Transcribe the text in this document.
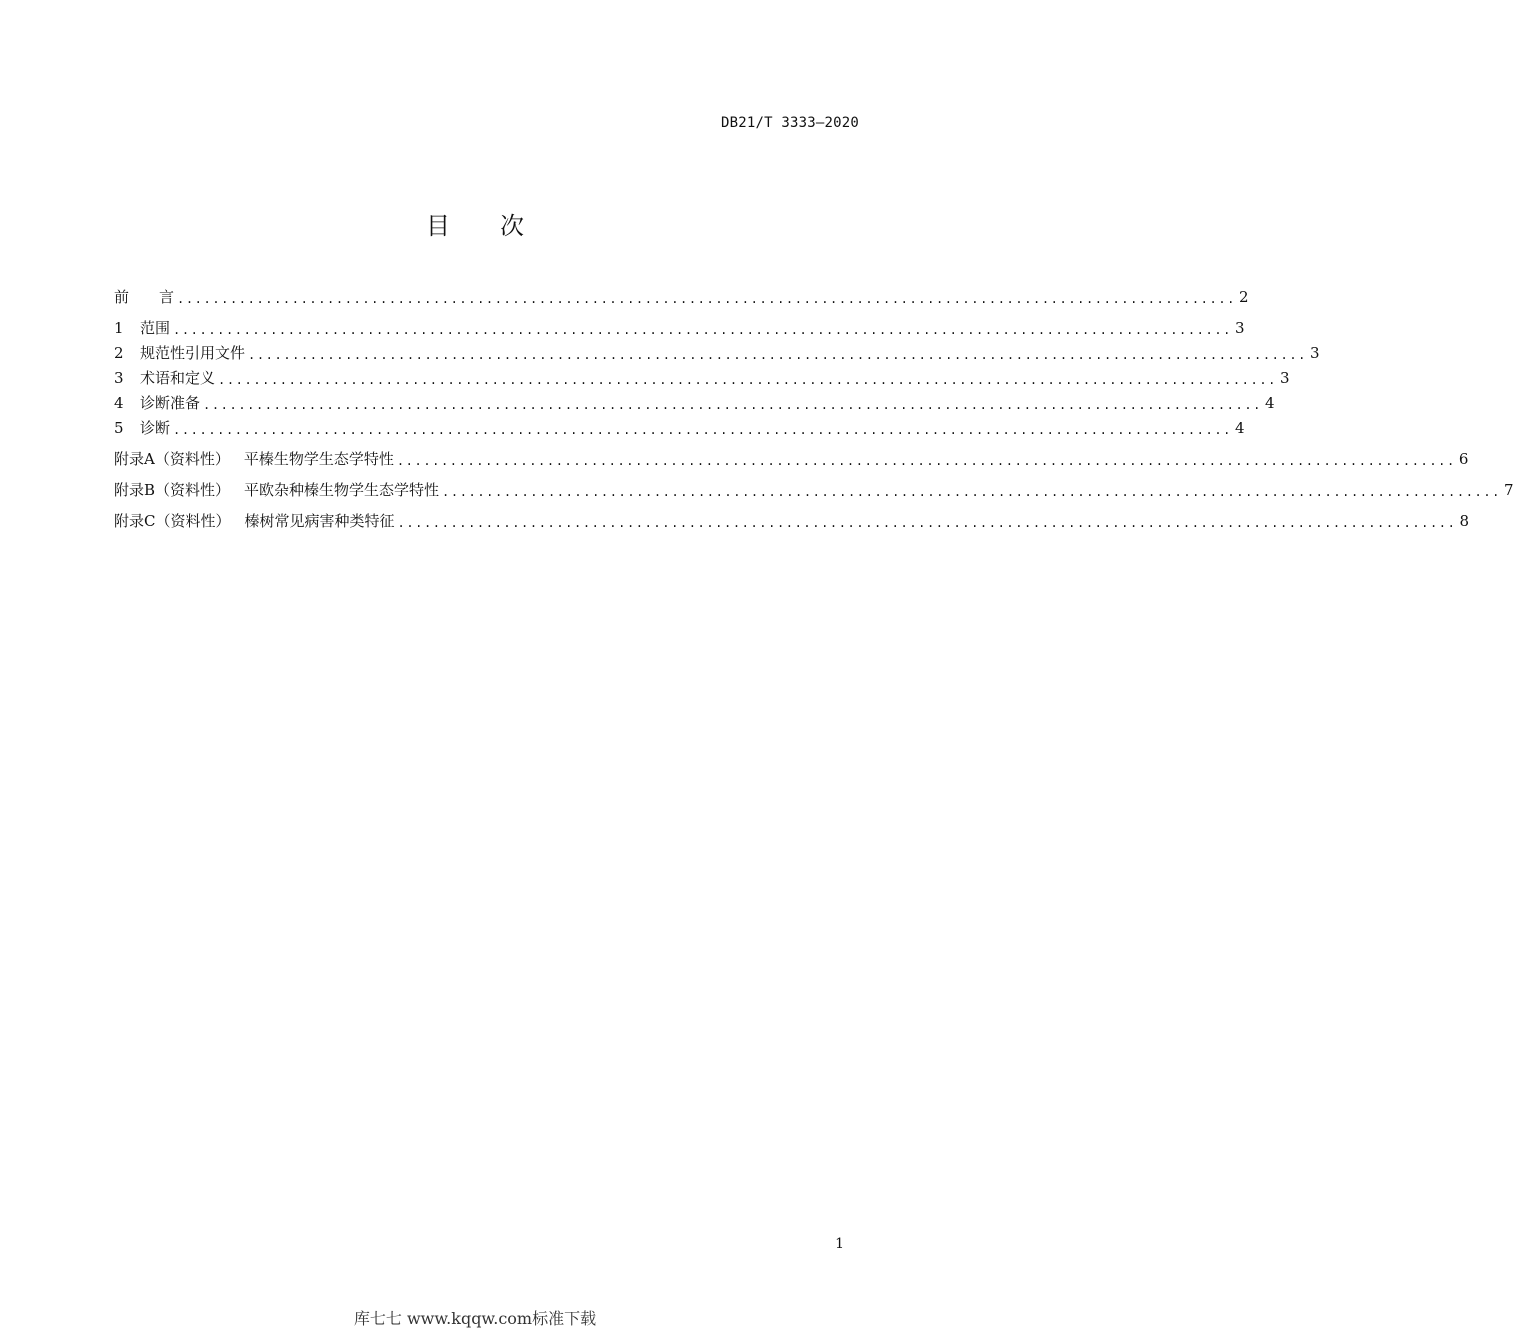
DB21/T 3333—2020
目 次
前 言 ........................................................................................................................ 2
1	范围 ........................................................................................................................ 3
2	规范性引用文件 ........................................................................................................................ 3
3	术语和定义 ........................................................................................................................ 3
4	诊断准备 ........................................................................................................................ 4
5	诊断 ........................................................................................................................ 4
附录A（资料性） 平榛生物学生态学特性 ........................................................................................................................ 6
附录B（资料性） 平欧杂种榛生物学生态学特性 ........................................................................................................................ 7
附录C（资料性） 榛树常见病害种类特征 ........................................................................................................................ 8
1
库七七 www.kqqw.com标准下载
